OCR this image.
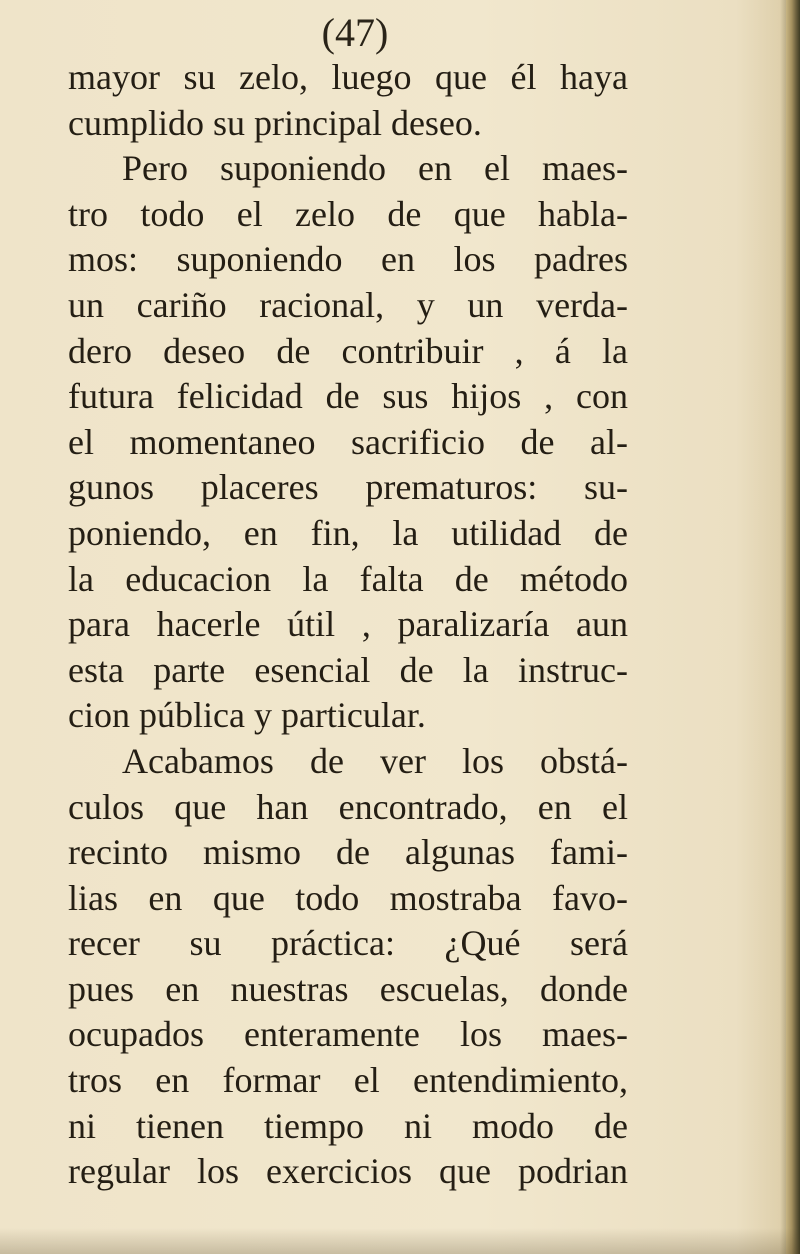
(47)
mayor su zelo, luego que él haya
cumplido su principal deseo.
Pero suponiendo en el maes-
tro todo el zelo de que habla-
mos: suponiendo en los padres
un cariño racional, y un verda-
dero deseo de contribuir , á la
futura felicidad de sus hijos , con
el momentaneo sacrificio de al-
gunos placeres prematuros: su-
poniendo, en fin, la utilidad de
la educacion la falta de método
para hacerle útil , paralizaría aun
esta parte esencial de la instruc-
cion pública y particular.
Acabamos de ver los obstá-
culos que han encontrado, en el
recinto mismo de algunas fami-
lias en que todo mostraba favo-
recer su práctica: ¿Qué será
pues en nuestras escuelas, donde
ocupados enteramente los maes-
tros en formar el entendimiento,
ni tienen tiempo ni modo de
regular los exercicios que podrian
